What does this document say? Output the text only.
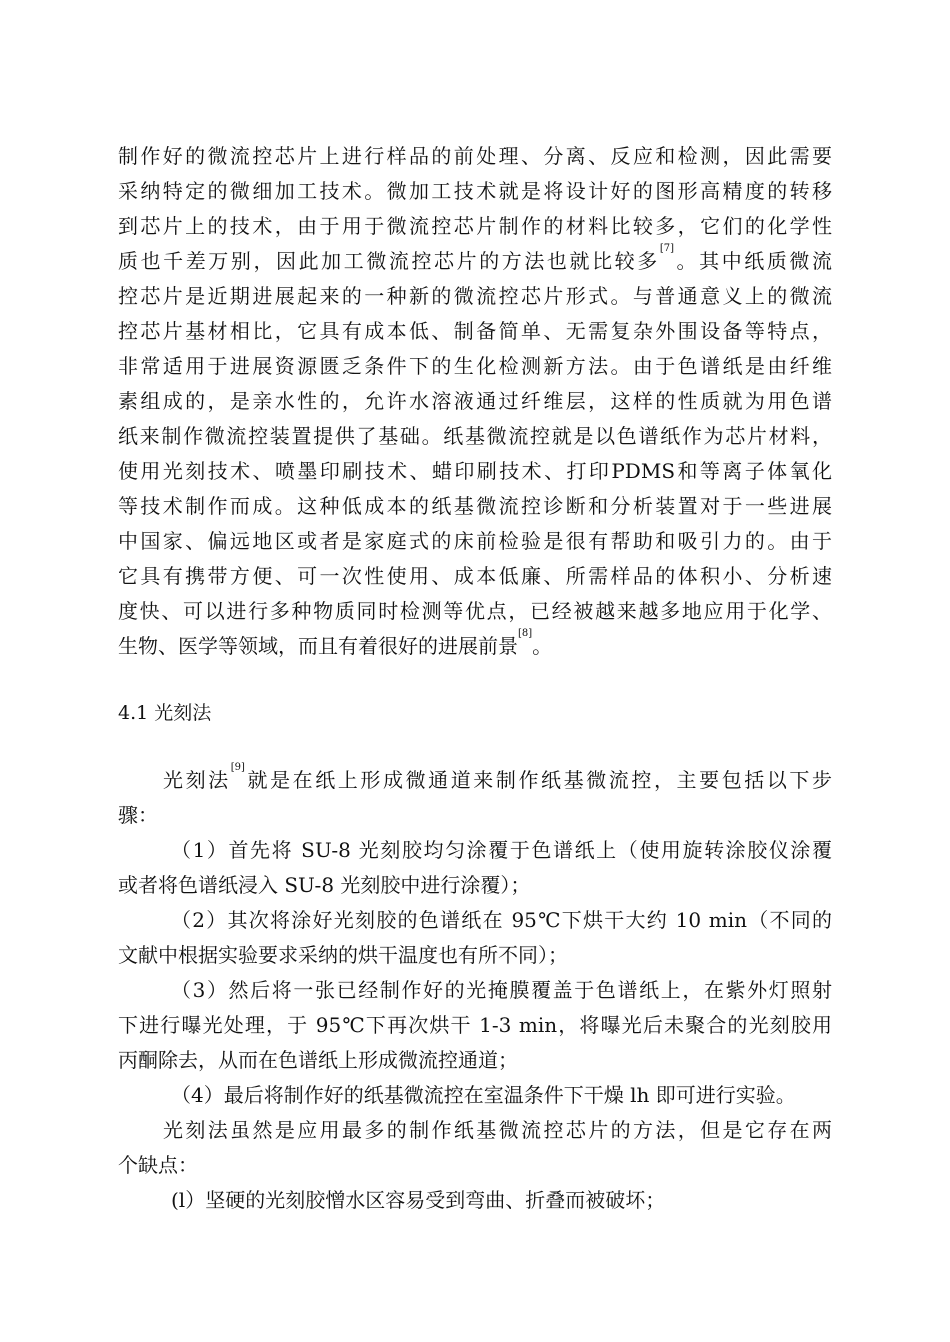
制作好的微流控芯片上进行样品的前处理、分离、反应和检测，因此需要
采纳特定的微细加工技术。微加工技术就是将设计好的图形高精度的转移
到芯片上的技术，由于用于微流控芯片制作的材料比较多，它们的化学性
质也千差万别，因此加工微流控芯片的方法也就比较多[7]。其中纸质微流
控芯片是近期进展起来的一种新的微流控芯片形式。与普通意义上的微流
控芯片基材相比，它具有成本低、制备简单、无需复杂外围设备等特点，
非常适用于进展资源匮乏条件下的生化检测新方法。由于色谱纸是由纤维
素组成的，是亲水性的，允许水溶液通过纤维层，这样的性质就为用色谱
纸来制作微流控装置提供了基础。纸基微流控就是以色谱纸作为芯片材料，
使用光刻技术、喷墨印刷技术、蜡印刷技术、打印PDMS和等离子体氧化
等技术制作而成。这种低成本的纸基微流控诊断和分析装置对于一些进展
中国家、偏远地区或者是家庭式的床前检验是很有帮助和吸引力的。由于
它具有携带方便、可一次性使用、成本低廉、所需样品的体积小、分析速
度快、可以进行多种物质同时检测等优点，已经被越来越多地应用于化学、
生物、医学等领域，而且有着很好的进展前景[8]。
4.1 光刻法
光刻法[9]就是在纸上形成微通道来制作纸基微流控，主要包括以下步
骤：
（1）首先将 SU-8 光刻胶均匀涂覆于色谱纸上（使用旋转涂胶仪涂覆
或者将色谱纸浸入 SU-8 光刻胶中进行涂覆）；
（2）其次将涂好光刻胶的色谱纸在 95℃下烘干大约 10 min（不同的
文献中根据实验要求采纳的烘干温度也有所不同）；
（3）然后将一张已经制作好的光掩膜覆盖于色谱纸上，在紫外灯照射
下进行曝光处理，于 95℃下再次烘干 1-3 min，将曝光后未聚合的光刻胶用
丙酮除去，从而在色谱纸上形成微流控通道；
（4）最后将制作好的纸基微流控在室温条件下干燥 lh 即可进行实验。
光刻法虽然是应用最多的制作纸基微流控芯片的方法，但是它存在两
个缺点：
(l）坚硬的光刻胶憎水区容易受到弯曲、折叠而被破坏；
